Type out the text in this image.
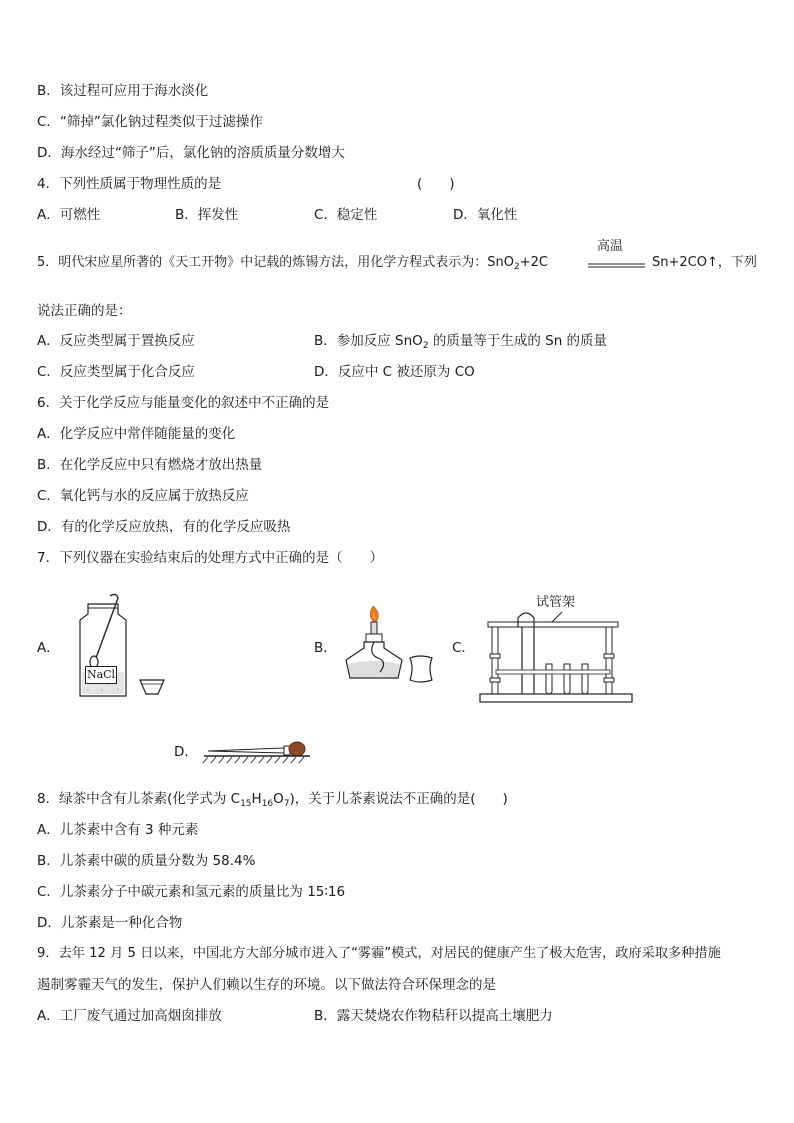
B．该过程可应用于海水淡化
C．“筛掉”氯化钠过程类似于过滤操作
D．海水经过“筛子”后，氯化钠的溶质质量分数增大
4．下列性质属于物理性质的是	(　　)
A．可燃性	B．挥发性	C．稳定性	D．氧化性
5．明代宋应星所著的《天工开物》中记载的炼锡方法，用化学方程式表示为：SnO$_2$+2C
高温
Sn+2CO↑，下列
说法正确的是：
A．反应类型属于置换反应	B．参加反应 SnO$_2$ 的质量等于生成的 Sn 的质量
C．反应类型属于化合反应	D．反应中 C 被还原为 CO
6．关于化学反应与能量变化的叙述中不正确的是
A．化学反应中常伴随能量的变化
B．在化学反应中只有燃烧才放出热量
C．氧化钙与水的反应属于放热反应
D．有的化学反应放热，有的化学反应吸热
7．下列仪器在实验结束后的处理方式中正确的是（　　）
A．	B．	C．
D．
NaCl
试管架
8．绿茶中含有儿茶素(化学式为 $C_{15}H_{16}O_7$)，关于儿茶素说法不正确的是(　　)
A．儿茶素中含有 3 种元素
B．儿茶素中碳的质量分数为 58.4%
C．儿茶素分子中碳元素和氢元素的质量比为 15∶16
D．儿茶素是一种化合物
9．去年 12 月 5 日以来，中国北方大部分城市进入了“雾霾”模式，对居民的健康产生了极大危害，政府采取多种措施
遏制雾霾天气的发生，保护人们赖以生存的环境。以下做法符合环保理念的是
A．工厂废气通过加高烟囱排放	B．露天焚烧农作物秸秆以提高土壤肥力
